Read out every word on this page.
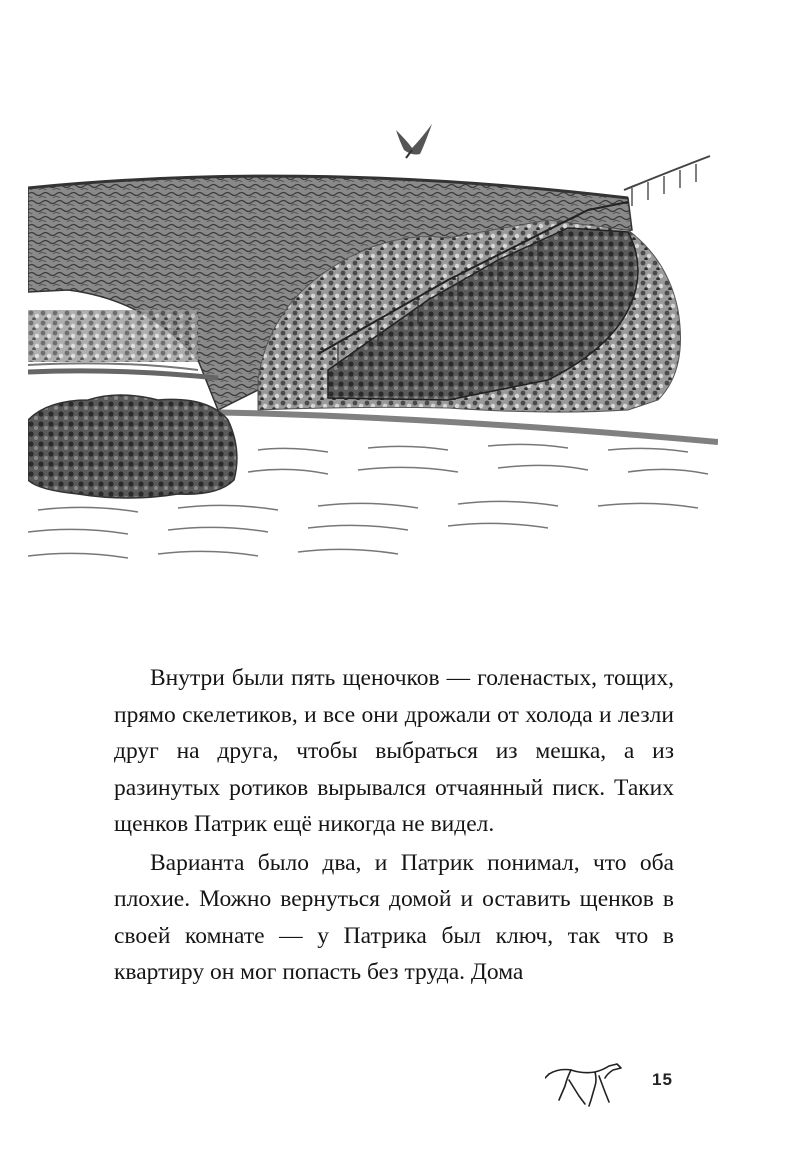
Внутри были пять щеночков — голенастых, тощих, прямо скелетиков, и все они дрожали от холода и лезли друг на друга, чтобы выбраться из мешка, а из разинутых ротиков вырывался отчаянный писк. Таких щенков Патрик ещё никогда не видел.

Варианта было два, и Патрик понимал, что оба плохие. Можно вернуться домой и оставить щенков в своей комнате — у Патрика был ключ, так что в квартиру он мог попасть без труда. Дома

15
